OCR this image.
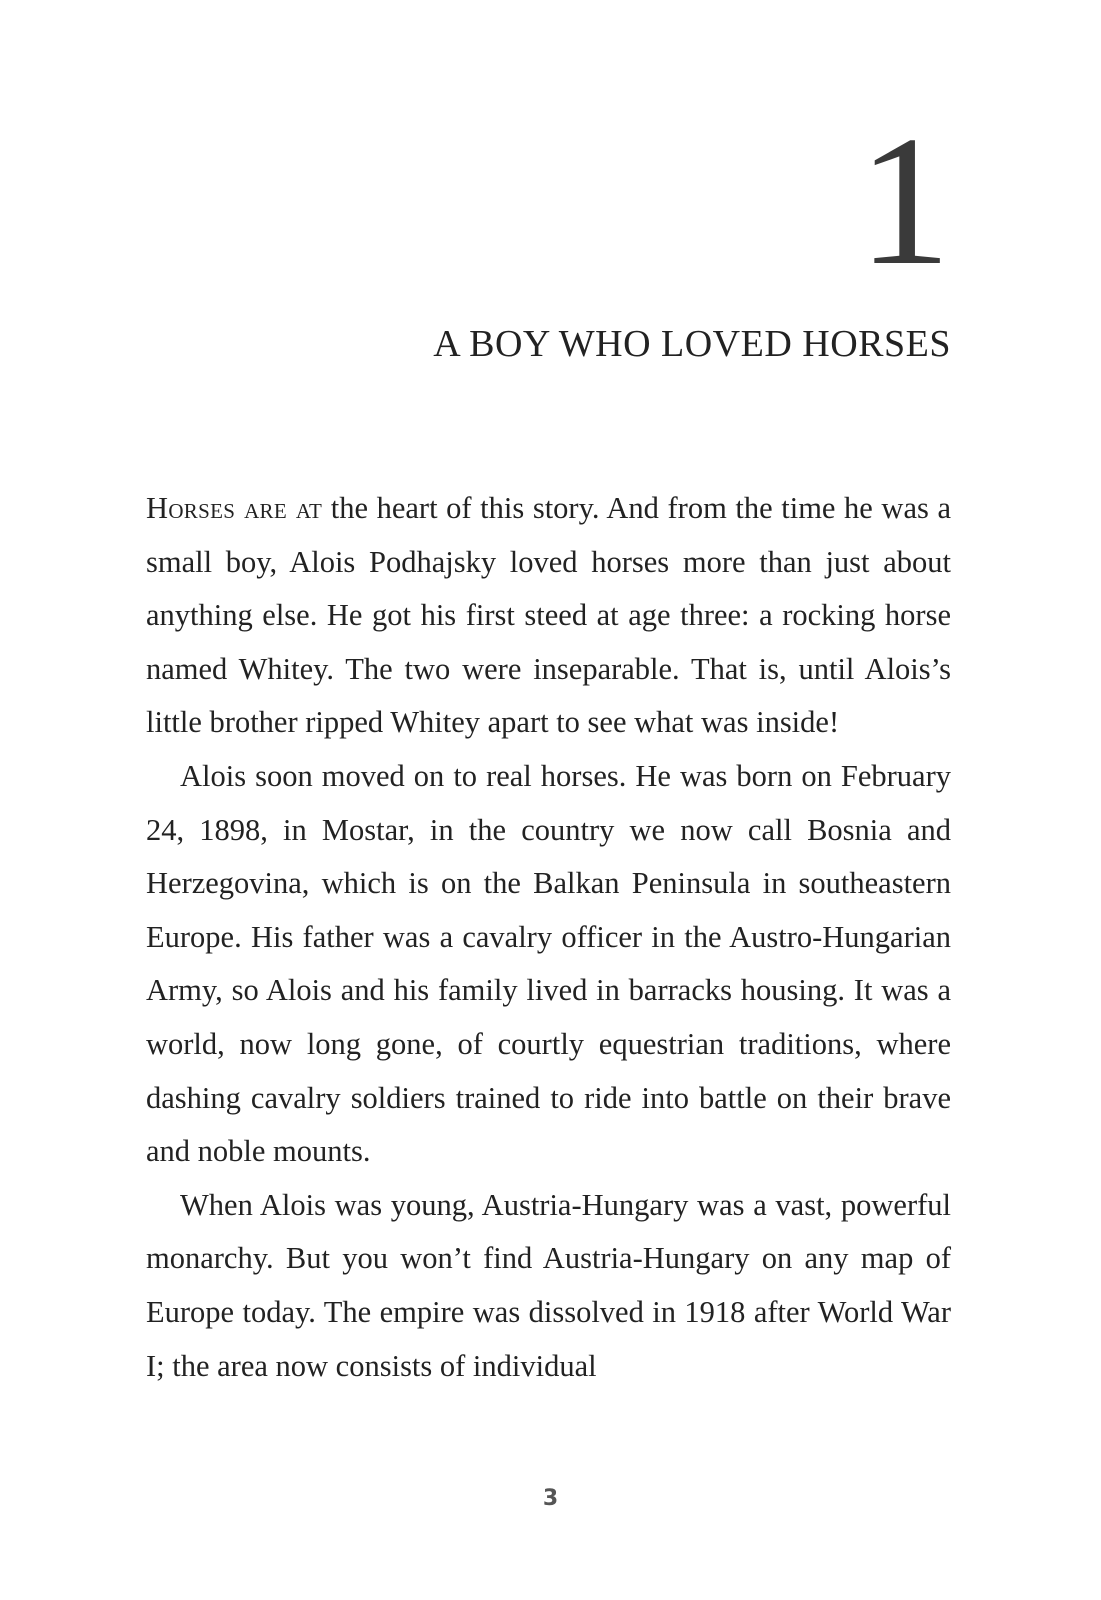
1
A BOY WHO LOVED HORSES

Horses are at the heart of this story. And from the time he was a small boy, Alois Podhajsky loved horses more than just about anything else. He got his first steed at age three: a rocking horse named Whitey. The two were inseparable. That is, until Alois’s little brother ripped Whitey apart to see what was inside!

Alois soon moved on to real horses. He was born on February 24, 1898, in Mostar, in the country we now call Bosnia and Herzegovina, which is on the Balkan Peninsula in southeastern Europe. His father was a cavalry officer in the Austro-Hungarian Army, so Alois and his family lived in barracks housing. It was a world, now long gone, of courtly equestrian traditions, where dashing cavalry soldiers trained to ride into battle on their brave and noble mounts.

When Alois was young, Austria-Hungary was a vast, powerful monarchy. But you won’t find Austria-Hungary on any map of Europe today. The empire was dissolved in 1918 after World War I; the area now consists of individual

3
